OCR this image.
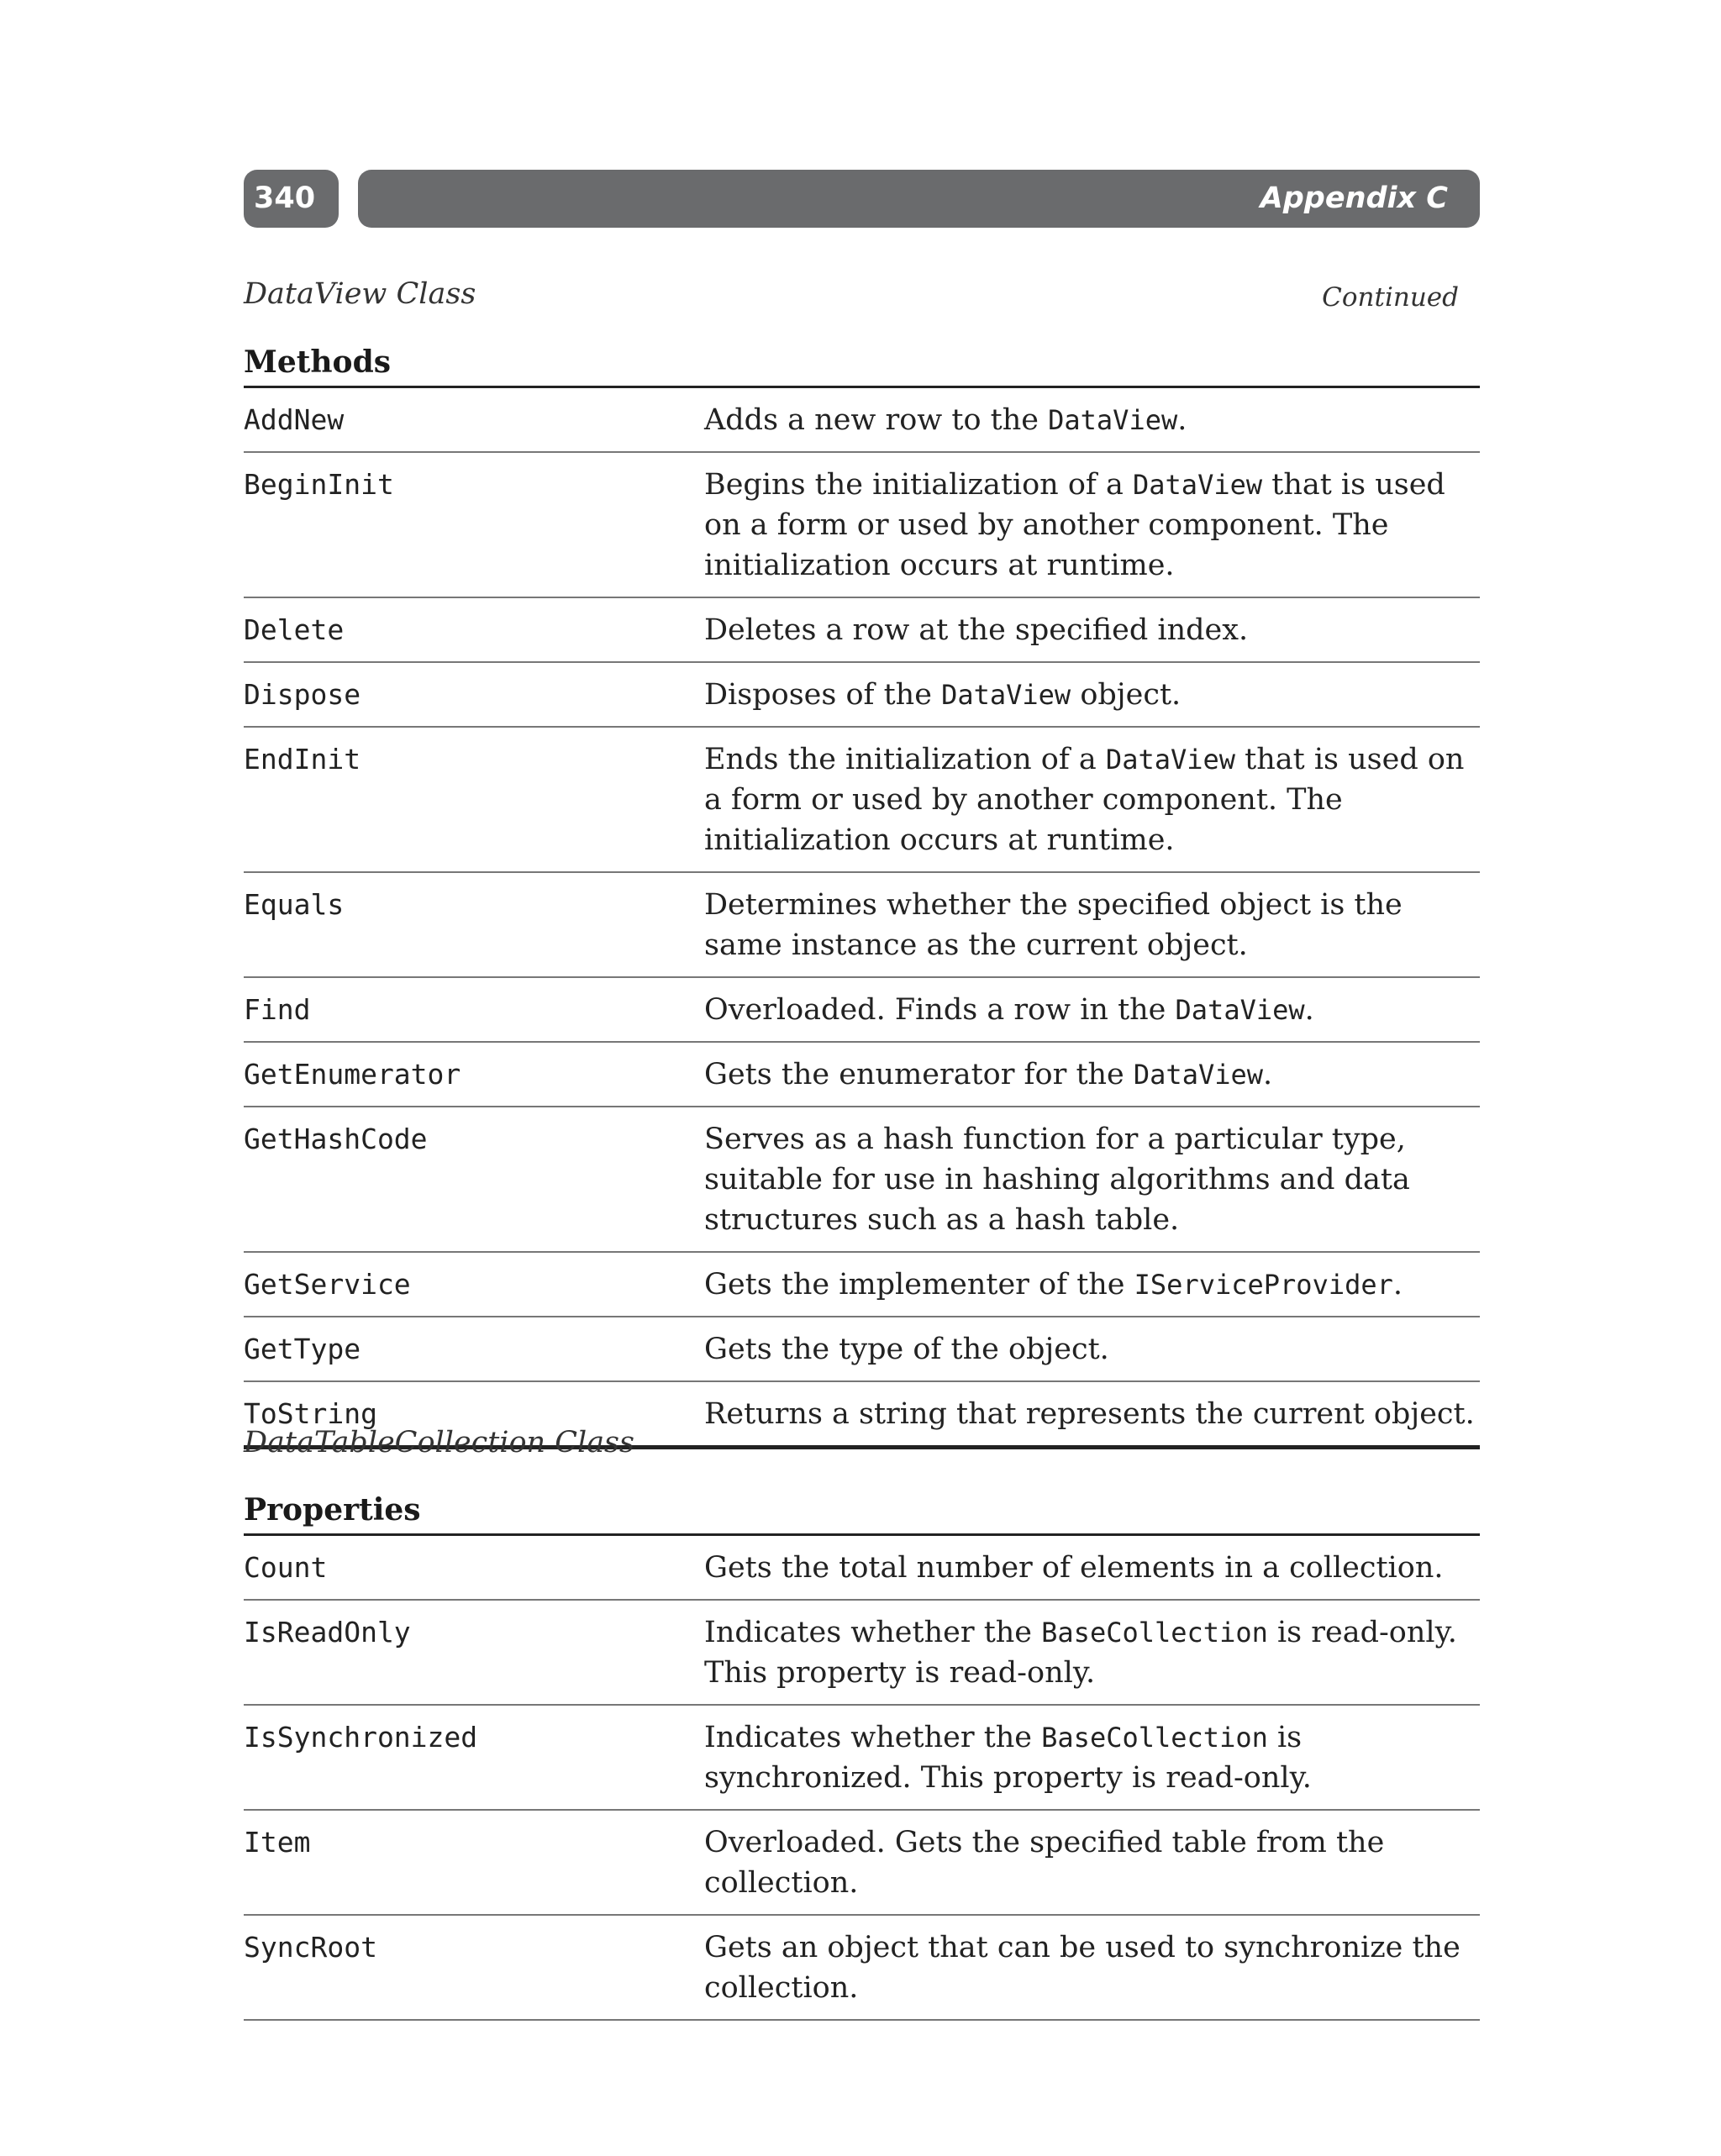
340	Appendix C
DataView Class	Continued
Methods
AddNew	Adds a new row to the DataView.
BeginInit	Begins the initialization of a DataView that is used on a form or used by another component. The initialization occurs at runtime.
Delete	Deletes a row at the specified index.
Dispose	Disposes of the DataView object.
EndInit	Ends the initialization of a DataView that is used on a form or used by another component. The initialization occurs at runtime.
Equals	Determines whether the specified object is the same instance as the current object.
Find	Overloaded. Finds a row in the DataView.
GetEnumerator	Gets the enumerator for the DataView.
GetHashCode	Serves as a hash function for a particular type, suitable for use in hashing algorithms and data structures such as a hash table.
GetService	Gets the implementer of the IServiceProvider.
GetType	Gets the type of the object.
ToString	Returns a string that represents the current object.
DataTableCollection Class
Properties
Count	Gets the total number of elements in a collection.
IsReadOnly	Indicates whether the BaseCollection is read-only. This property is read-only.
IsSynchronized	Indicates whether the BaseCollection is synchronized. This property is read-only.
Item	Overloaded. Gets the specified table from the collection.
SyncRoot	Gets an object that can be used to synchronize the collection.
